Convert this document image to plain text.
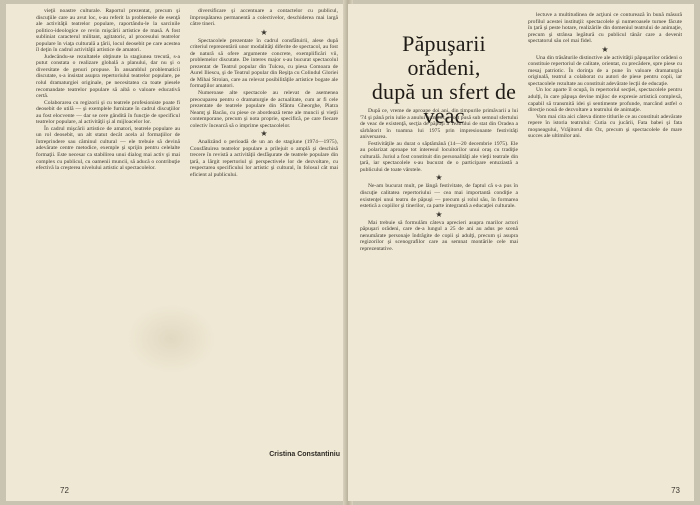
vieţii noastre culturale. Raportul prezentat, precum şi discuţiile care au avut loc, s-au referit la problemele de esenţă ale activităţii teatrelor populare, raportându-le la sarcinile politico-ideologice ce revin mişcării artistice de masă. A fost subliniat caracterul militant, agitatoric, al procesului teatrelor populare în viaţa culturală a ţării, locul deosebit pe care acestea îl deţin în cadrul activităţii artistice de amatori.

Judecându-se rezultatele obţinute la stagiunea trecută, s-a putut constata o realizare globală a planului, dar nu şi o diversitate de genuri propuse. În ansamblul problematicii discutate, s-a insistat asupra repertoriului teatrelor populare, pe rolul dramaturgiei originale, pe necesitatea ca toate piesele recomandate teatrelor populare să aibă o valoare educativă certă.

Colaborarea cu regizorii şi cu teatrele profesioniste poate fi deosebit de utilă — şi exemplele furnizate în cadrul discuţiilor au fost elocvente — dar se cere gândită în funcţie de specificul teatrelor populare, al activităţii şi al mijloacelor lor.

În cadrul mişcării artistice de amatori, teatrele populare au un rol deosebit, un alt statut decât acela al formaţiilor de întreprindere sau căminul cultural — ele trebuie să devină adevărate centre metodice, exemple şi sprijin pentru celelalte formaţii. Este necesar ca stabilirea unui dialog mai activ şi mai complex cu publicul, cu oamenii muncii, să aducă o contribuţie efectivă la creşterea nivelului artistic al spectacolelor.

diversificare şi accentuare a contactelor cu publicul, împrospătarea permanentă a colectivelor, deschiderea mai largă către tineri.

★

Spectacolele prezentate în cadrul consfătuirii, alese după criteriul reprezentării unor modalităţi diferite de spectacol, au fost de natură să ofere argumente concrete, exemplificări vii, problemelor discutate. De interes major s-au bucurat spectacolul prezentat de Teatrul popular din Tulcea, cu piesa Comoara de Aurel Iliescu, şi de Teatrul popular din Reşiţa cu Colindul Gloriei de Mihai Stroian, care au relevat posibilităţile artistice bogate ale formaţiilor amatori.

Numeroase alte spectacole au relevat de asemenea preocuparea pentru o dramaturgie de actualitate, cum ar fi cele prezentate de teatrele populare din Sfântu Gheorghe, Piatra Neamţ şi Bacău, cu piese ce abordează teme ale muncii şi vieţii contemporane, precum şi nota proprie, specifică, pe care fiecare colectiv încearcă să o imprime spectacolelor.

★

Analizând o perioadă de un an de stagiune (1974—1975), Consfătuirea teatrelor populare a prilejuit o amplă şi deschisă trecere în revistă a activităţii desfăşurate de teatrele populare din ţară, a lărgit repertoriul şi perspectivele lor de dezvoltare, cu respectarea specificului lor artistic şi cultural, în folosul cât mai eficient al publicului.

Cristina Constantiniu
72
Păpuşarii orădeni,
după un sfert de veac

După ce, vreme de aproape doi ani, din timpurile primăvarii a lui '74 şi până prin iulie a anului următor, a fost pusă sub semnul sfertului de veac de existenţă, secţia de păpuşi a Teatrului de stat din Oradea a sărbătorit în toamna lui 1975 prin impresionante festivităţi aniversarea.

Festivităţile au durat o săptămână (14—20 decembrie 1975). Ele au polarizat aproape tot interesul locuitorilor unui oraş cu tradiţie culturală. Juriul a fost constituit din personalităţi ale vieţii teatrale din ţară, iar spectacolele s-au bucurat de o participare entuziastă a publicului de toate vârstele.

★

Ne-am bucurat mult, pe lângă festivitate, de faptul că s-a pus în discuţie calitatea repertoriului — cea mai importantă condiţie a existenţei unui teatru de păpuşi — precum şi rolul său, în formarea estetică a copiilor şi tinerilor, ca parte integrantă a educaţiei culturale.

★

Mai trebuie să formulăm câteva aprecieri asupra marilor actori păpuşari orădeni, care de-a lungul a 25 de ani au adus pe scenă nenumărate personaje îndrăgite de copii şi adulţi, precum şi asupra regizorilor şi scenografilor care au semnat montările cele mai reprezentative.

lectuve a multitudinea de acţiuni ce conturează în bună măsură profilul acestei instituţii: spectacolele şi numeroasele turnee făcute în ţară şi peste hotare, realizările din domeniul teatrului de animaţie, precum şi strânsa legătură cu publicul tânăr care a devenit spectatorul său cel mai fidel.

★

Una din trăsăturile distinctive ale activităţii păpuşarilor orădeni o constituie repertoriul de calitate, orientat, cu precădere, spre piese cu mesaj patriotic. În dorinţa de a pune în valoare dramaturgia originală, teatrul a colaborat cu autori de piese pentru copii, iar spectacolele rezultate au constituit adevărate lecţii de educaţie.

Un loc aparte îl ocupă, în repertoriul secţiei, spectacolele pentru adulţi, în care păpuşa devine mijloc de expresie artistică complexă, capabil să transmită idei şi sentimente profunde, marcând astfel o direcţie nouă de dezvoltare a teatrului de animaţie.

Vom mai cita aici câteva dintre titlurile ce au constituit adevărate repere în istoria teatrului: Cutia cu jucării, Fata babei şi fata moşneagului, Vrăjitorul din Oz, precum şi spectacolele de mare succes ale ultimilor ani.

73
